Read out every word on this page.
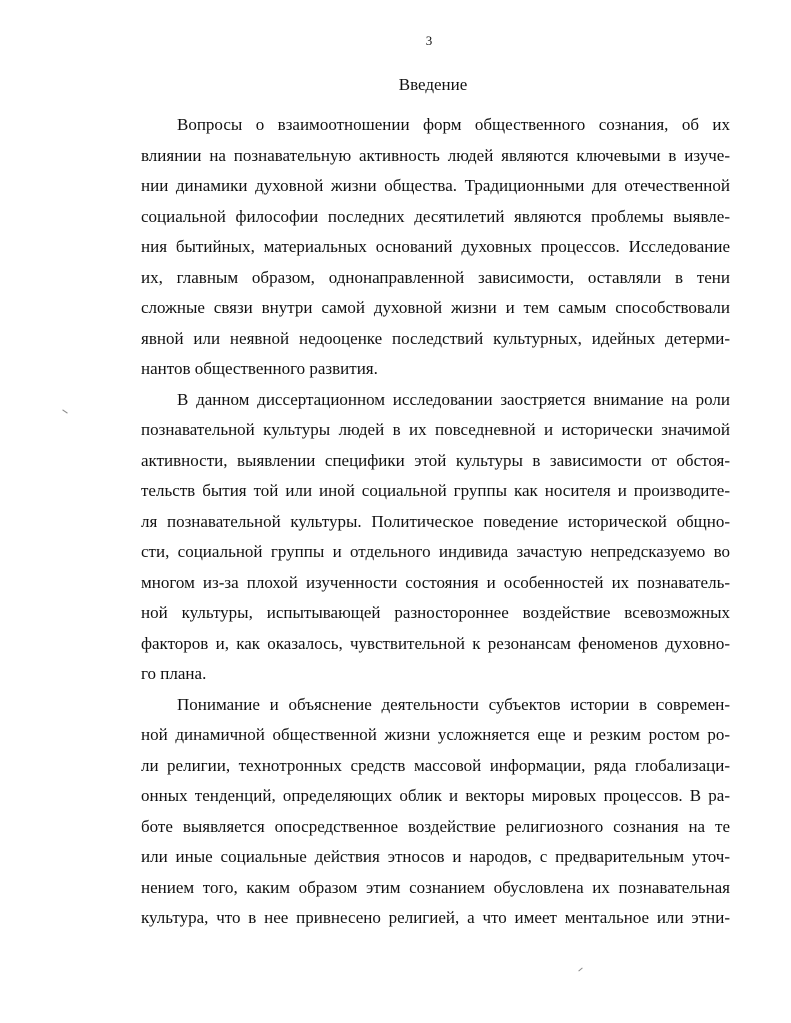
3
Введение
Вопросы о взаимоотношении форм общественного сознания, об их
влиянии на познавательную активность людей являются ключевыми в изуче-
нии динамики духовной жизни общества. Традиционными для отечественной
социальной философии последних десятилетий являются проблемы выявле-
ния бытийных, материальных оснований духовных процессов. Исследование
их, главным образом, однонаправленной зависимости, оставляли в тени
сложные связи внутри самой духовной жизни и тем самым способствовали
явной или неявной недооценке последствий культурных, идейных детерми-
нантов общественного развития.
В данном диссертационном исследовании заостряется внимание на роли
познавательной культуры людей в их повседневной и исторически значимой
активности, выявлении специфики этой культуры в зависимости от обстоя-
тельств бытия той или иной социальной группы как носителя и производите-
ля познавательной культуры. Политическое поведение исторической общно-
сти, социальной группы и отдельного индивида зачастую непредсказуемо во
многом из-за плохой изученности состояния и особенностей их познаватель-
ной культуры, испытывающей разностороннее воздействие всевозможных
факторов и, как оказалось, чувствительной к резонансам феноменов духовно-
го плана.
Понимание и объяснение деятельности субъектов истории в современ-
ной динамичной общественной жизни усложняется еще и резким ростом ро-
ли религии, технотронных средств массовой информации, ряда глобализаци-
онных тенденций, определяющих облик и векторы мировых процессов. В ра-
боте выявляется опосредственное воздействие религиозного сознания на те
или иные социальные действия этносов и народов, с предварительным уточ-
нением того, каким образом этим сознанием обусловлена их познавательная
культура, что в нее привнесено религией, а что имеет ментальное или этни-
